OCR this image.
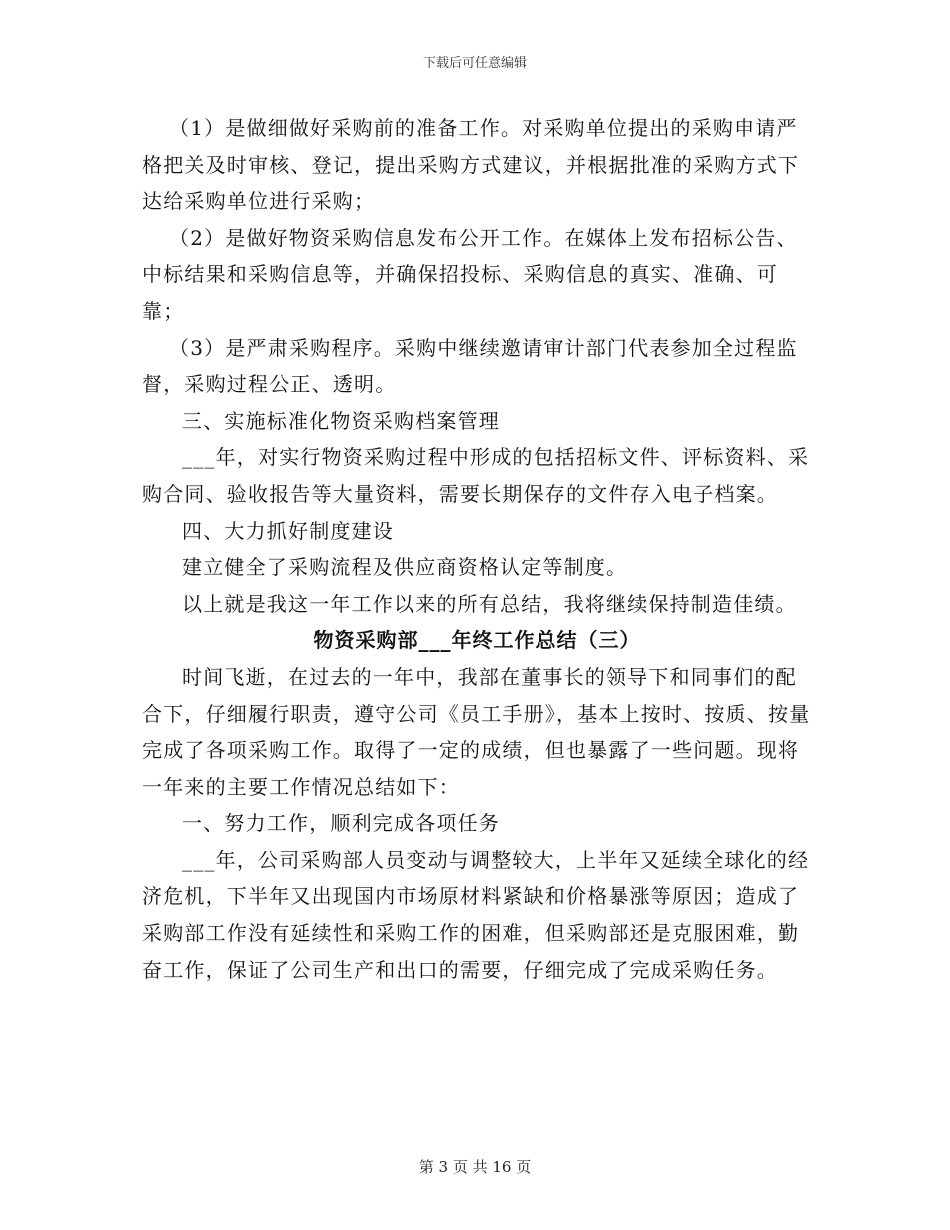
下载后可任意编辑

（1）是做细做好采购前的准备工作。对采购单位提出的采购申请严格把关及时审核、登记，提出采购方式建议，并根据批准的采购方式下达给采购单位进行采购；

（2）是做好物资采购信息发布公开工作。在媒体上发布招标公告、中标结果和采购信息等，并确保招投标、采购信息的真实、准确、可靠；

（3）是严肃采购程序。采购中继续邀请审计部门代表参加全过程监督，采购过程公正、透明。

三、实施标准化物资采购档案管理

___年，对实行物资采购过程中形成的包括招标文件、评标资料、采购合同、验收报告等大量资料，需要长期保存的文件存入电子档案。

四、大力抓好制度建设

建立健全了采购流程及供应商资格认定等制度。

以上就是我这一年工作以来的所有总结，我将继续保持制造佳绩。

物资采购部___年终工作总结（三）

时间飞逝，在过去的一年中，我部在董事长的领导下和同事们的配合下，仔细履行职责，遵守公司《员工手册》，基本上按时、按质、按量完成了各项采购工作。取得了一定的成绩，但也暴露了一些问题。现将一年来的主要工作情况总结如下：

一、努力工作，顺利完成各项任务

___年，公司采购部人员变动与调整较大，上半年又延续全球化的经济危机，下半年又出现国内市场原材料紧缺和价格暴涨等原因；造成了采购部工作没有延续性和采购工作的困难，但采购部还是克服困难，勤奋工作，保证了公司生产和出口的需要，仔细完成了完成采购任务。

第 3 页 共 16 页
